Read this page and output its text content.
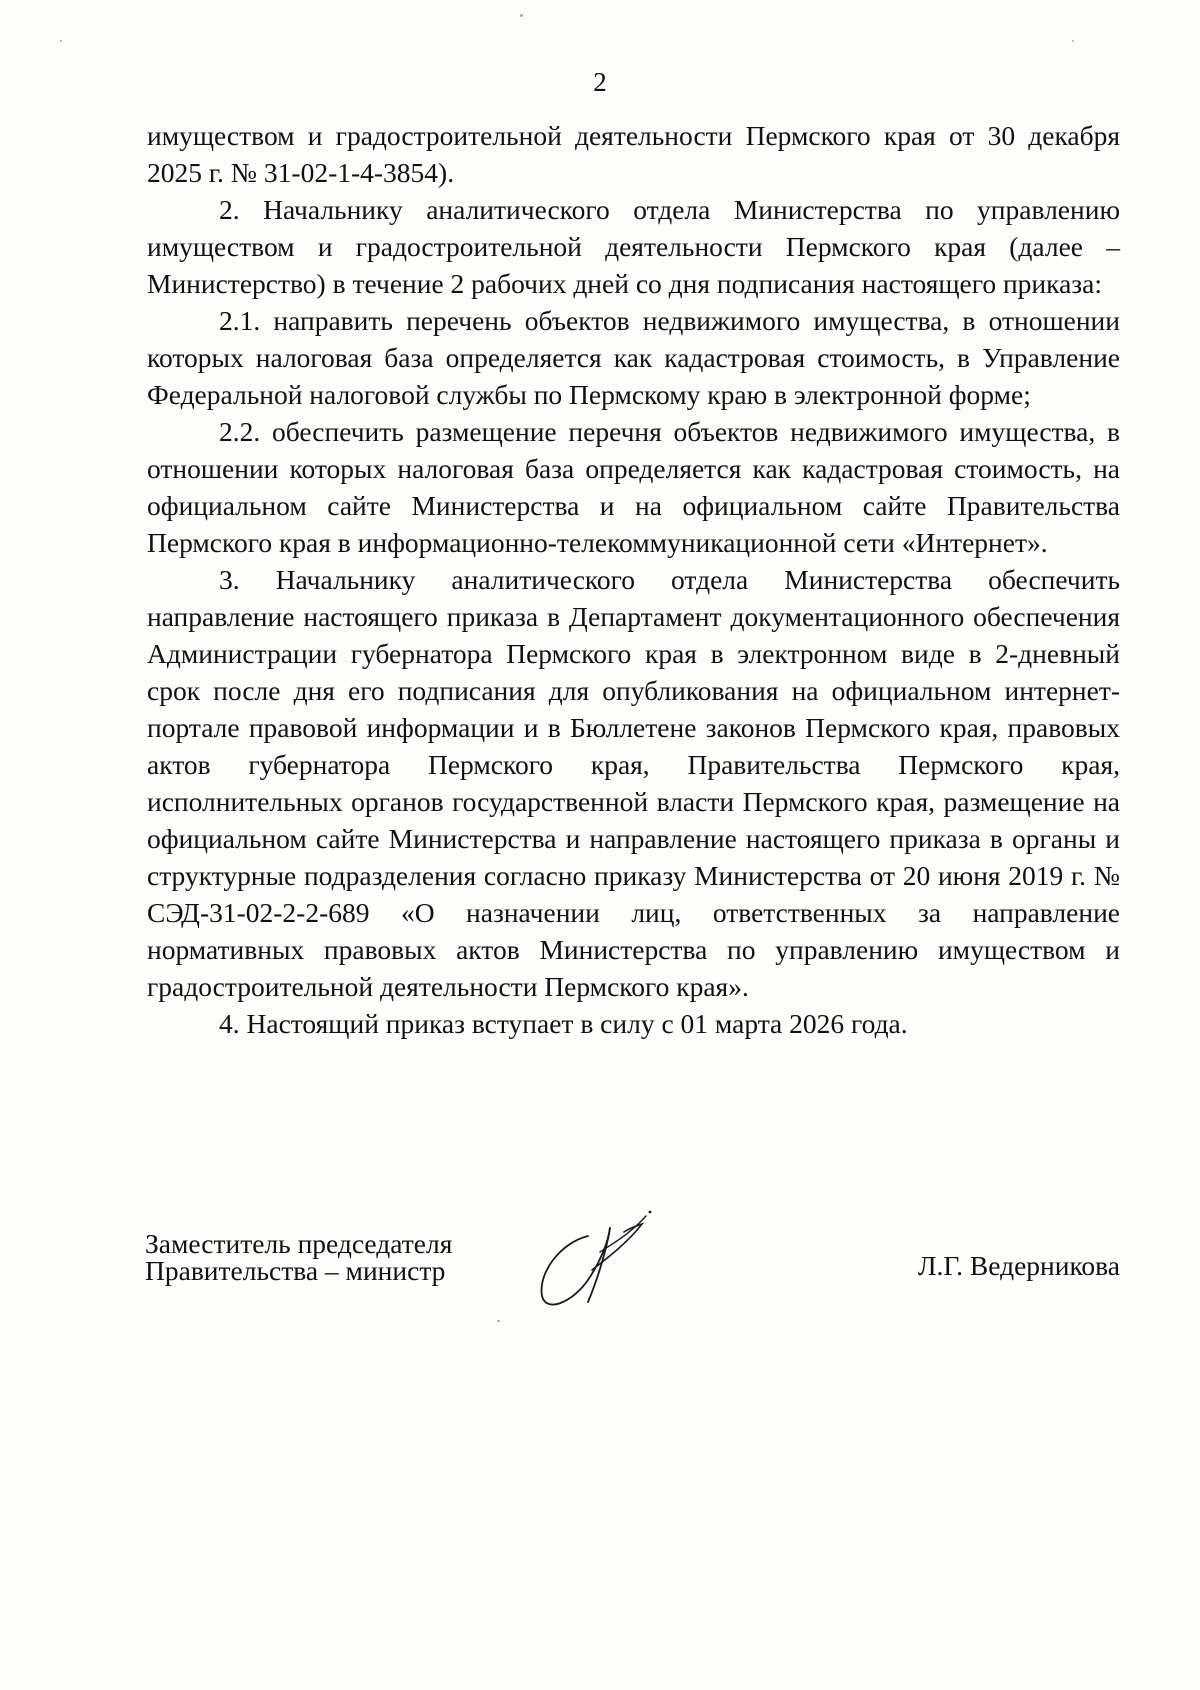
2

имуществом и градостроительной деятельности Пермского края от 30 декабря 2025 г. № 31-02-1-4-3854).

2. Начальнику аналитического отдела Министерства по управлению имуществом и градостроительной деятельности Пермского края (далее – Министерство) в течение 2 рабочих дней со дня подписания настоящего приказа:

2.1. направить перечень объектов недвижимого имущества, в отношении которых налоговая база определяется как кадастровая стоимость, в Управление Федеральной налоговой службы по Пермскому краю в электронной форме;

2.2. обеспечить размещение перечня объектов недвижимого имущества, в отношении которых налоговая база определяется как кадастровая стоимость, на официальном сайте Министерства и на официальном сайте Правительства Пермского края в информационно-телекоммуникационной сети «Интернет».

3. Начальнику аналитического отдела Министерства обеспечить направление настоящего приказа в Департамент документационного обеспечения Администрации губернатора Пермского края в электронном виде в 2-дневный срок после дня его подписания для опубликования на официальном интернет-портале правовой информации и в Бюллетене законов Пермского края, правовых актов губернатора Пермского края, Правительства Пермского края, исполнительных органов государственной власти Пермского края, размещение на официальном сайте Министерства и направление настоящего приказа в органы и структурные подразделения согласно приказу Министерства от 20 июня 2019 г. № СЭД-31-02-2-2-689 «О назначении лиц, ответственных за направление нормативных правовых актов Министерства по управлению имуществом и градостроительной деятельности Пермского края».

4. Настоящий приказ вступает в силу с 01 марта 2026 года.

Заместитель председателя
Правительства – министр	Л.Г. Ведерникова
